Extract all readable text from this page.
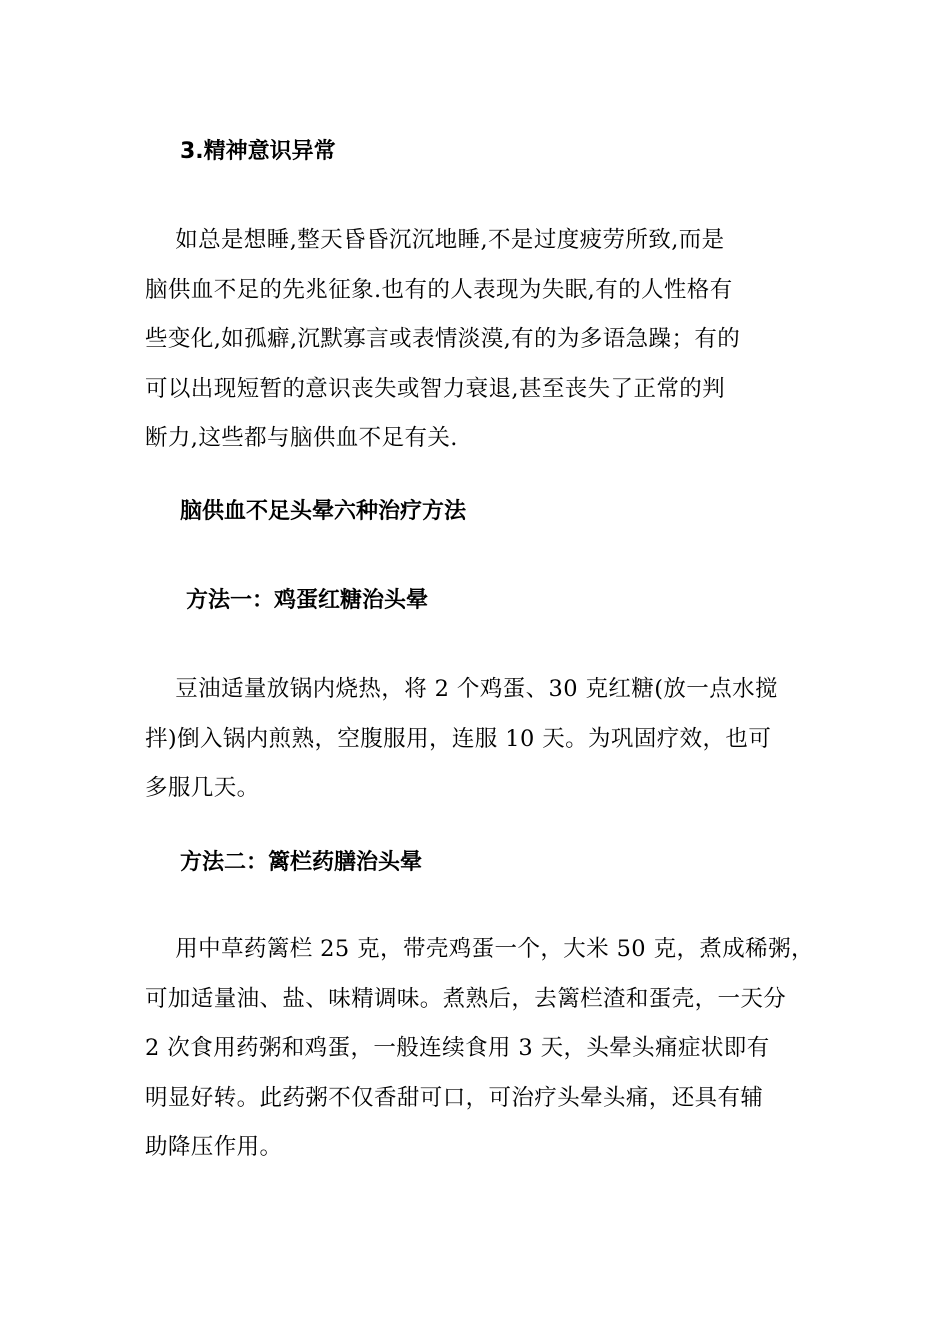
3.精神意识异常
如总是想睡,整天昏昏沉沉地睡,不是过度疲劳所致,而是
脑供血不足的先兆征象.也有的人表现为失眠,有的人性格有
些变化,如孤癖,沉默寡言或表情淡漠,有的为多语急躁；有的
可以出现短暂的意识丧失或智力衰退,甚至丧失了正常的判
断力,这些都与脑供血不足有关.
脑供血不足头晕六种治疗方法
方法一：鸡蛋红糖治头晕
豆油适量放锅内烧热，将 2 个鸡蛋、30 克红糖(放一点水搅
拌)倒入锅内煎熟，空腹服用，连服 10 天。为巩固疗效，也可
多服几天。
方法二：篱栏药膳治头晕
用中草药篱栏 25 克，带壳鸡蛋一个，大米 50 克，煮成稀粥，
可加适量油、盐、味精调味。煮熟后，去篱栏渣和蛋壳，一天分
2 次食用药粥和鸡蛋，一般连续食用 3 天，头晕头痛症状即有
明显好转。此药粥不仅香甜可口，可治疗头晕头痛，还具有辅
助降压作用。
